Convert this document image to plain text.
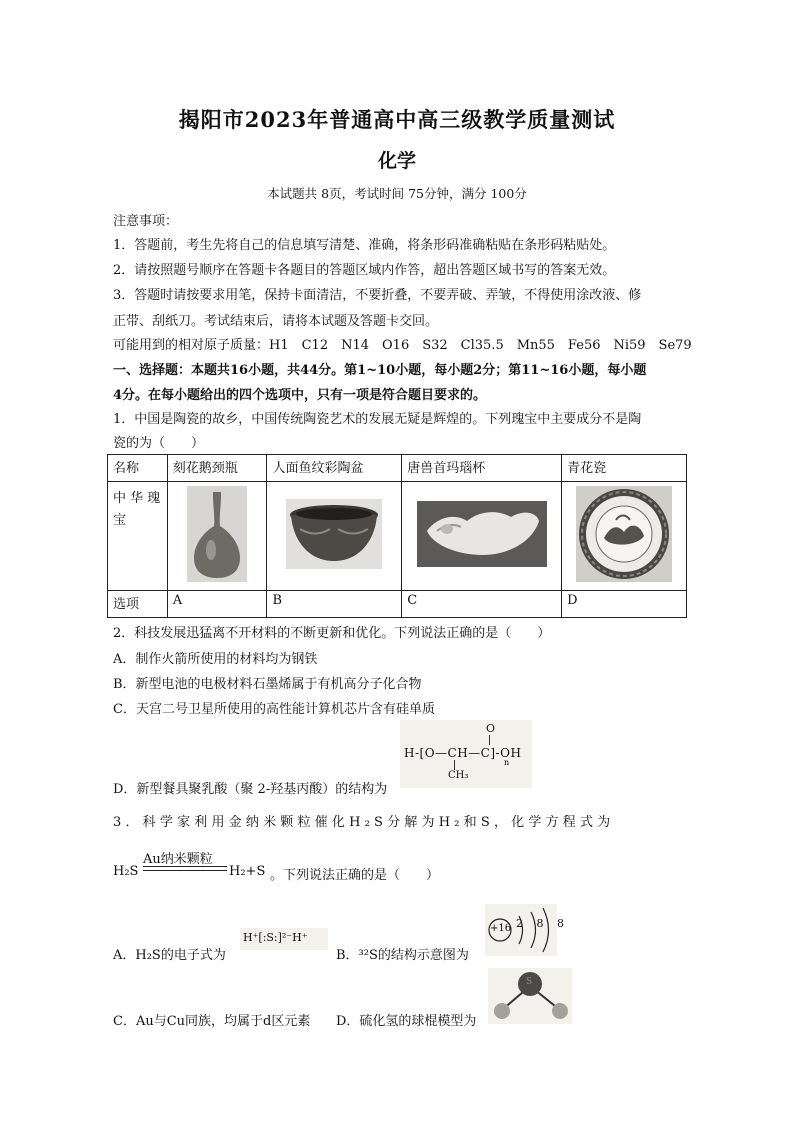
揭阳市2023年普通高中高三级教学质量测试
化学
本试题共 8页，考试时间 75分钟，满分 100分
注意事项：
1．答题前，考生先将自己的信息填写清楚、准确，将条形码准确粘贴在条形码粘贴处。
2．请按照题号顺序在答题卡各题目的答题区域内作答，超出答题区域书写的答案无效。
3．答题时请按要求用笔，保持卡面清洁，不要折叠，不要弄破、弄皱，不得使用涂改液、修
正带、刮纸刀。考试结束后，请将本试题及答题卡交回。
可能用到的相对原子质量：H1　C12　N14　O16　S32　Cl35.5　Mn55　Fe56　Ni59　Se79
一、选择题：本题共16小题，共44分。第1~10小题，每小题2分；第11~16小题，每小题
4分。在每小题给出的四个选项中，只有一项是符合题目要求的。
1．中国是陶瓷的故乡，中国传统陶瓷艺术的发展无疑是辉煌的。下列瑰宝中主要成分不是陶
瓷的为（　　）
名称	刻花鹅颈瓶	人面鱼纹彩陶盆	唐兽首玛瑙杯	青花瓷
中 华 瑰 宝	

选项	A	B	C	D
2．科技发展迅猛离不开材料的不断更新和优化。下列说法正确的是（　　）
A．制作火箭所使用的材料均为钢铁
B．新型电池的电极材料石墨烯属于有机高分子化合物
C．天宫二号卫星所使用的高性能计算机芯片含有硅单质
O
H-[O—CH—C]-OH
n
CH₃
D．新型餐具聚乳酸（聚 2-羟基丙酸）的结构为
3．科学家利用金纳米颗粒催化H₂S分解为H₂和S，化学方程式为
Au纳米颗粒
H₂S	H₂+S 。下列说法正确的是（　　）
A．H₂S的电子式为
H⁺[:S:]²⁻H⁺
B．³²S的结构示意图为
+16 2 8 8
C．Au与Cu同族，均属于d区元素 D．硫化氢的球棍模型为
S
